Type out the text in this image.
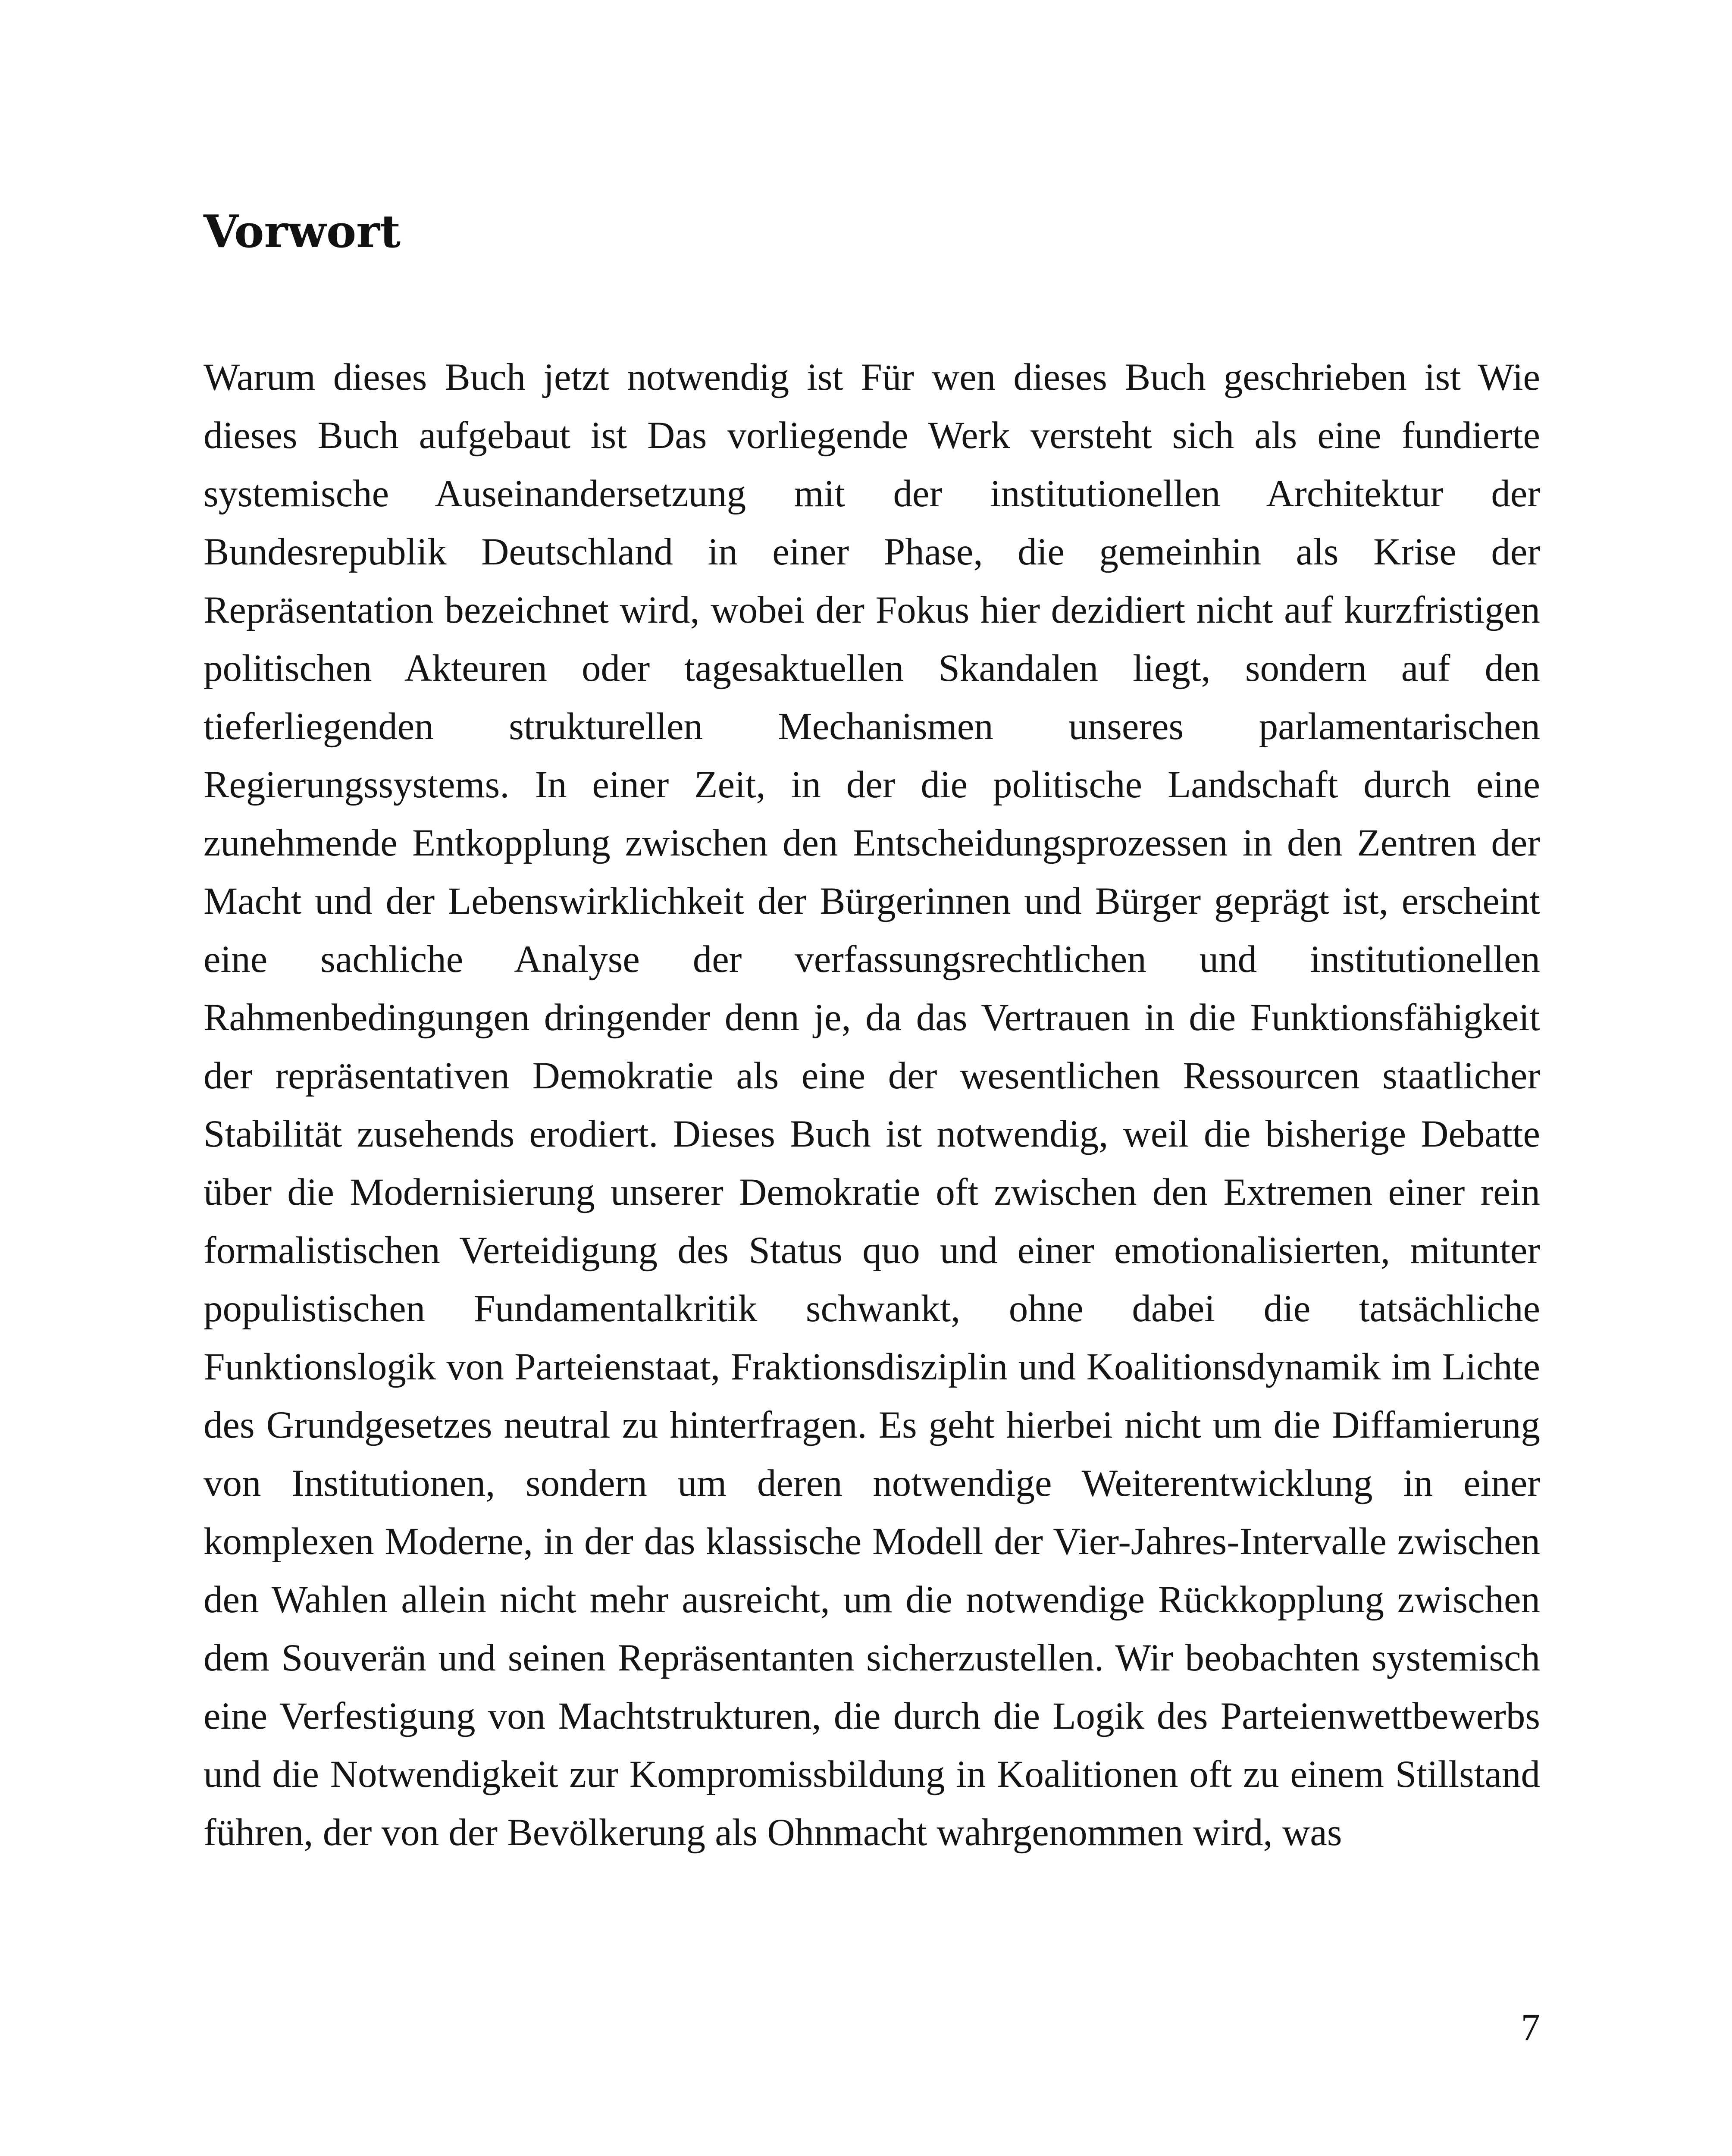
Vorwort

Warum dieses Buch jetzt notwendig ist Für wen dieses Buch geschrieben ist Wie dieses Buch aufgebaut ist Das vorliegende Werk versteht sich als eine fundierte systemische Auseinandersetzung mit der institutionellen Architektur der Bundesrepublik Deutschland in einer Phase, die gemeinhin als Krise der Repräsentation bezeichnet wird, wobei der Fokus hier dezidiert nicht auf kurzfristigen politischen Akteuren oder tagesaktuellen Skandalen liegt, sondern auf den tieferliegenden strukturellen Mechanismen unseres parlamentarischen Regierungssystems. In einer Zeit, in der die politische Landschaft durch eine zunehmende Entkopplung zwischen den Entscheidungsprozessen in den Zentren der Macht und der Lebenswirklichkeit der Bürgerinnen und Bürger geprägt ist, erscheint eine sachliche Analyse der verfassungsrechtlichen und institutionellen Rahmenbedingungen dringender denn je, da das Vertrauen in die Funktionsfähigkeit der repräsentativen Demokratie als eine der wesentlichen Ressourcen staatlicher Stabilität zusehends erodiert. Dieses Buch ist notwendig, weil die bisherige Debatte über die Modernisierung unserer Demokratie oft zwischen den Extremen einer rein formalistischen Verteidigung des Status quo und einer emotionalisierten, mitunter populistischen Fundamentalkritik schwankt, ohne dabei die tatsächliche Funktionslogik von Parteienstaat, Fraktionsdisziplin und Koalitionsdynamik im Lichte des Grundgesetzes neutral zu hinterfragen. Es geht hierbei nicht um die Diffamierung von Institutionen, sondern um deren notwendige Weiterentwicklung in einer komplexen Moderne, in der das klassische Modell der Vier-Jahres-Intervalle zwischen den Wahlen allein nicht mehr ausreicht, um die notwendige Rückkopplung zwischen dem Souverän und seinen Repräsentanten sicherzustellen. Wir beobachten systemisch eine Verfestigung von Machtstrukturen, die durch die Logik des Parteienwettbewerbs und die Notwendigkeit zur Kompromissbildung in Koalitionen oft zu einem Stillstand führen, der von der Bevölkerung als Ohnmacht wahrgenommen wird, was

7
